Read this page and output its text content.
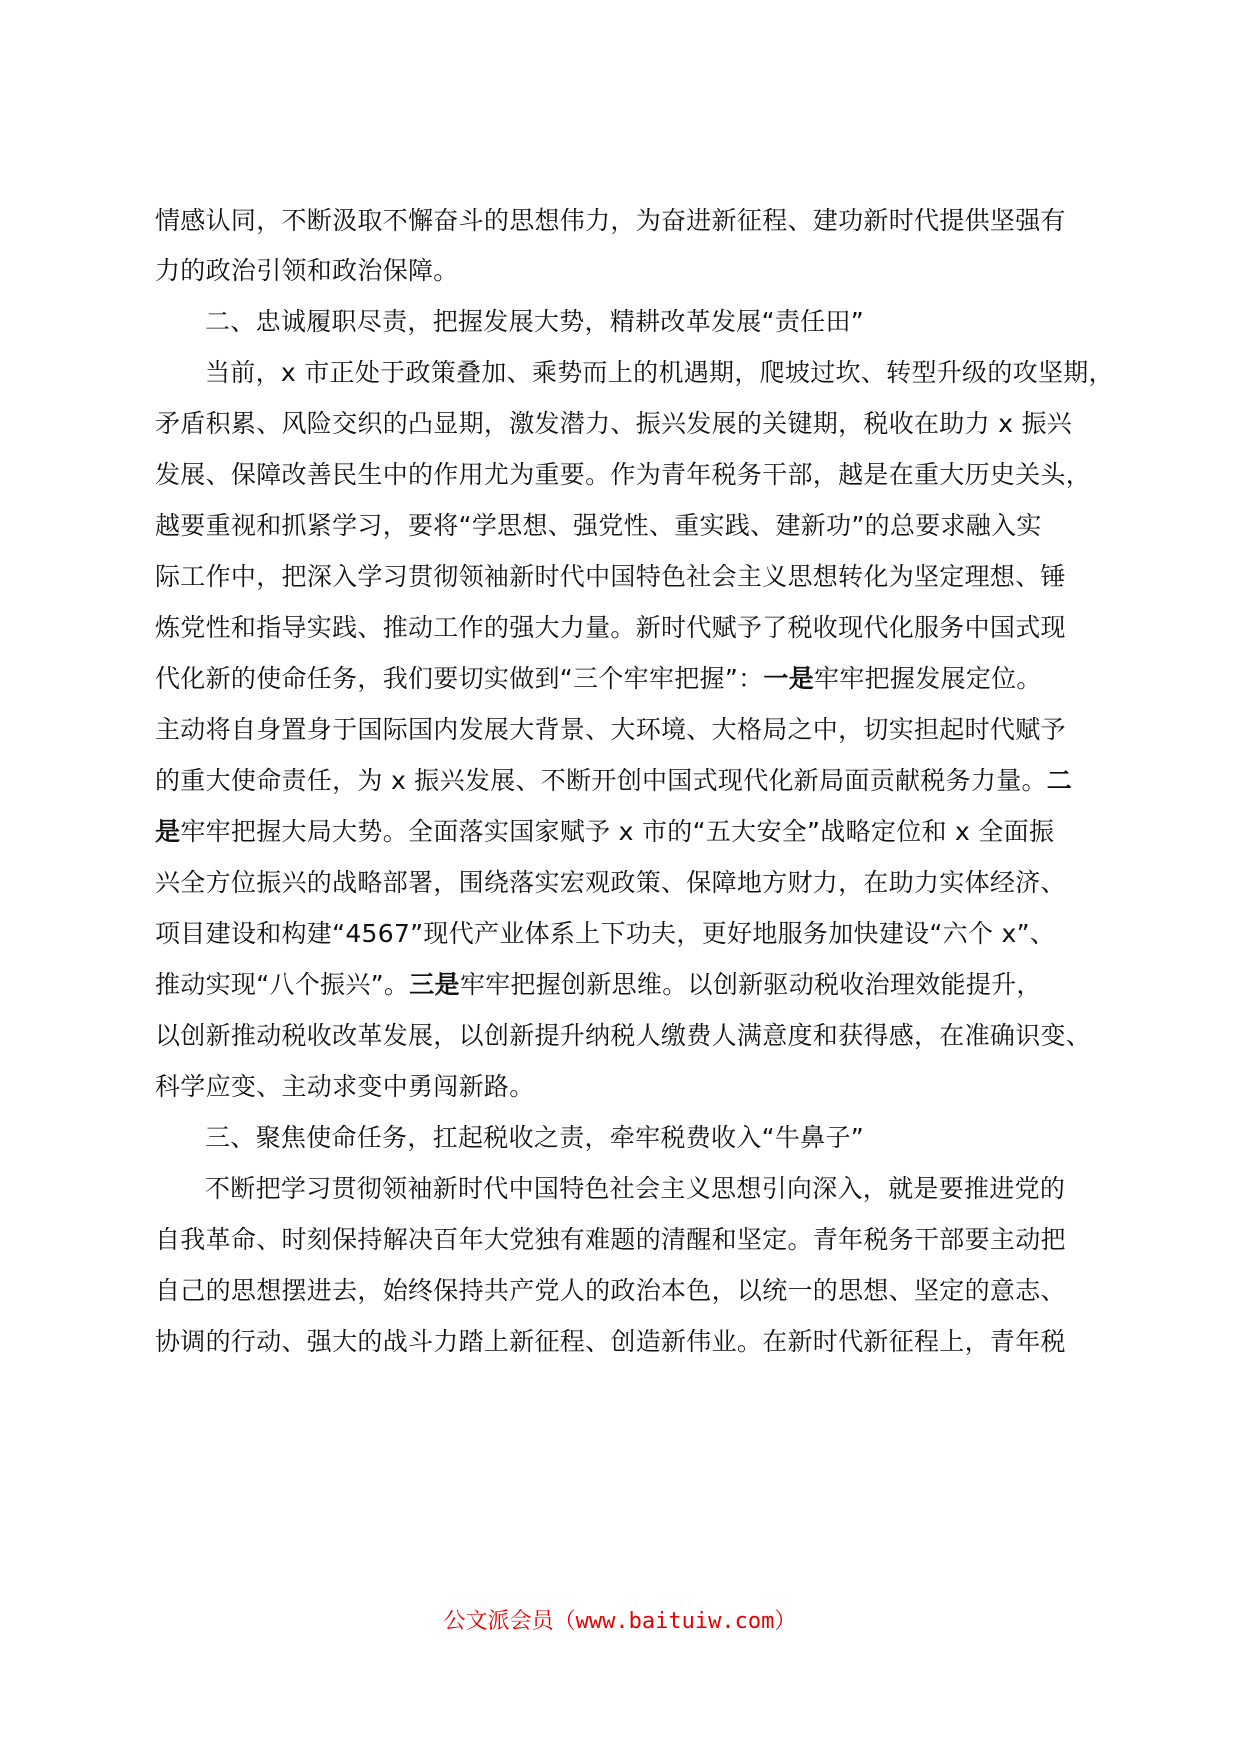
情感认同，不断汲取不懈奋斗的思想伟力，为奋进新征程、建功新时代提供坚强有
力的政治引领和政治保障。
二、忠诚履职尽责，把握发展大势，精耕改革发展“责任田”
当前，x 市正处于政策叠加、乘势而上的机遇期，爬坡过坎、转型升级的攻坚期，
矛盾积累、风险交织的凸显期，激发潜力、振兴发展的关键期，税收在助力 x 振兴
发展、保障改善民生中的作用尤为重要。作为青年税务干部，越是在重大历史关头，
越要重视和抓紧学习，要将“学思想、强党性、重实践、建新功”的总要求融入实
际工作中，把深入学习贯彻领袖新时代中国特色社会主义思想转化为坚定理想、锤
炼党性和指导实践、推动工作的强大力量。新时代赋予了税收现代化服务中国式现
代化新的使命任务，我们要切实做到“三个牢牢把握”：一是牢牢把握发展定位。
主动将自身置身于国际国内发展大背景、大环境、大格局之中，切实担起时代赋予
的重大使命责任，为 x 振兴发展、不断开创中国式现代化新局面贡献税务力量。二
是牢牢把握大局大势。全面落实国家赋予 x 市的“五大安全”战略定位和 x 全面振
兴全方位振兴的战略部署，围绕落实宏观政策、保障地方财力，在助力实体经济、
项目建设和构建“4567”现代产业体系上下功夫，更好地服务加快建设“六个 x”、
推动实现“八个振兴”。三是牢牢把握创新思维。以创新驱动税收治理效能提升，
以创新推动税收改革发展，以创新提升纳税人缴费人满意度和获得感，在准确识变、
科学应变、主动求变中勇闯新路。
三、聚焦使命任务，扛起税收之责，牵牢税费收入“牛鼻子”
不断把学习贯彻领袖新时代中国特色社会主义思想引向深入，就是要推进党的
自我革命、时刻保持解决百年大党独有难题的清醒和坚定。青年税务干部要主动把
自己的思想摆进去，始终保持共产党人的政治本色，以统一的思想、坚定的意志、
协调的行动、强大的战斗力踏上新征程、创造新伟业。在新时代新征程上，青年税
公文派会员（www.baituiw.com）
